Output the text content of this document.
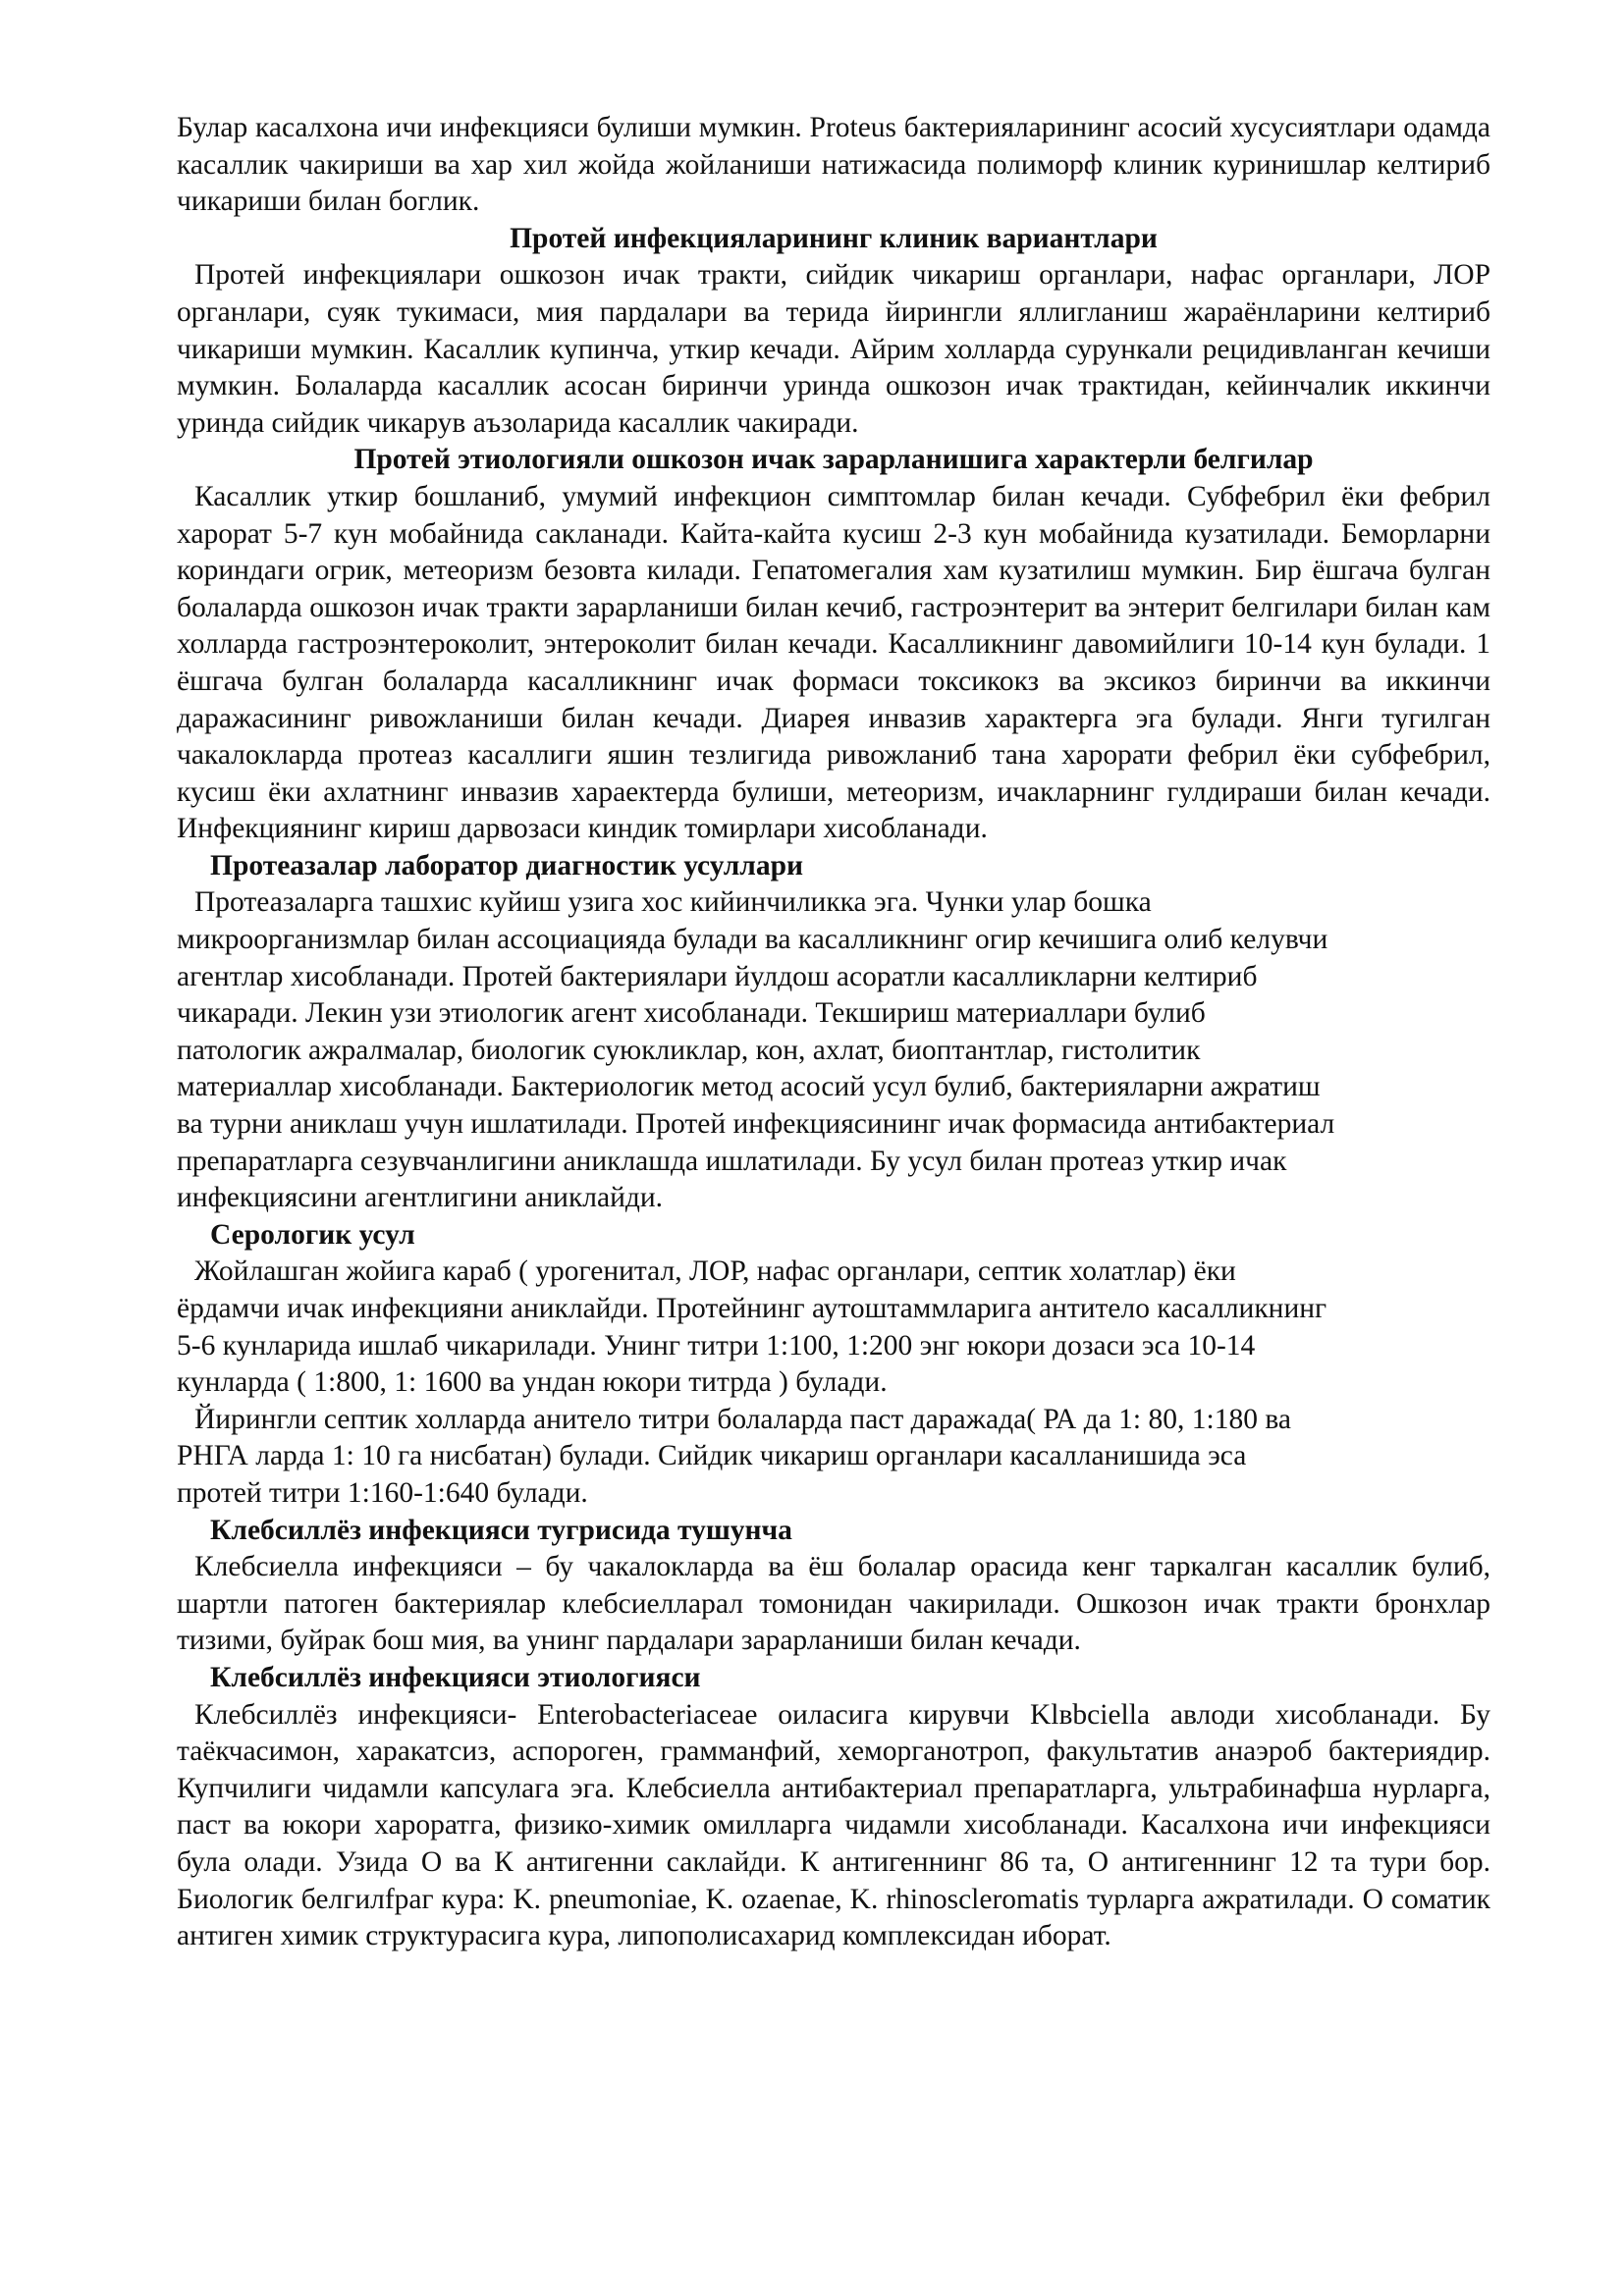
Булар касалхона ичи инфекцияси булиши мумкин. Proteus бактерияларининг асосий хусусиятлари одамда касаллик чакириши ва хар хил жойда жойланиши натижасида полиморф клиник куринишлар келтириб чикариши билан боглик.

Протей инфекцияларининг клиник вариантлари

Протей инфекциялари ошкозон ичак тракти, сийдик чикариш органлари, нафас органлари, ЛОР органлари, суяк тукимаси, мия пардалари ва терида йирингли яллигланиш жараёнларини келтириб чикариши мумкин. Касаллик купинча, уткир кечади. Айрим холларда сурункали рецидивланган кечиши мумкин. Болаларда касаллик асосан биринчи уринда ошкозон ичак трактидан, кейинчалик иккинчи уринда сийдик чикарув аъзоларида касаллик чакиради.

Протей этиологияли ошкозон ичак зарарланишига характерли белгилар

Касаллик уткир бошланиб, умумий инфекцион симптомлар билан кечади. Субфебрил ёки фебрил харорат 5-7 кун мобайнида сакланади. Кайта-кайта кусиш 2-3 кун мобайнида кузатилади. Беморларни кориндаги огрик, метеоризм безовта килади. Гепатомегалия хам кузатилиш мумкин. Бир ёшгача булган болаларда ошкозон ичак тракти зарарланиши билан кечиб, гастроэнтерит ва энтерит белгилари билан кам холларда гастроэнтероколит, энтероколит билан кечади. Касалликнинг давомийлиги 10-14 кун булади. 1 ёшгача булган болаларда касалликнинг ичак формаси токсикокз ва эксикоз биринчи ва иккинчи даражасининг ривожланиши билан кечади. Диарея инвазив характерга эга булади. Янги тугилган чакалокларда протеаз касаллиги яшин тезлигида ривожланиб тана харорати фебрил ёки субфебрил, кусиш ёки ахлатнинг инвазив хараектерда булиши, метеоризм, ичакларнинг гулдираши билан кечади. Инфекциянинг кириш дарвозаси киндик томирлари хисобланади.

Протеазалар лаборатор диагностик усуллари

Протеазаларга ташхис куйиш узига хос кийинчиликка эга. Чунки улар бошка

микроорганизмлар билан ассоциацияда булади ва касалликнинг огир кечишига олиб келувчи

агентлар хисобланади. Протей бактериялари йулдош асоратли касалликларни келтириб

чикаради. Лекин узи этиологик агент хисобланади. Текшириш материаллари булиб

патологик ажралмалар, биологик суюкликлар, кон, ахлат, биоптантлар, гистолитик

материаллар хисобланади. Бактериологик метод асосий усул булиб, бактерияларни ажратиш

ва турни аниклаш учун ишлатилади. Протей инфекциясининг ичак формасида антибактериал

препаратларга сезувчанлигини аниклашда ишлатилади. Бу усул билан протеаз уткир ичак

инфекциясини агентлигини аниклайди.

Серологик усул

Жойлашган жойига караб ( урогенитал, ЛОР, нафас органлари, септик холатлар) ёки

ёрдамчи ичак инфекцияни аниклайди. Протейнинг аутоштаммларига антитело касалликнинг

5-6 кунларида ишлаб чикарилади. Унинг титри 1:100, 1:200 энг юкори дозаси эса 10-14

кунларда ( 1:800, 1: 1600 ва ундан юкори титрда ) булади.

Йирингли септик холларда анитело титри болаларда паст даражада( РА да 1: 80, 1:180 ва

РНГА ларда 1: 10 га нисбатан) булади. Сийдик чикариш органлари касалланишида эса

протей титри 1:160-1:640 булади.

Клебсиллёз инфекцияси тугрисида тушунча

Клебсиелла инфекцияси – бу чакалокларда ва ёш болалар орасида кенг таркалган касаллик булиб, шартли патоген бактериялар клебсиелларал томонидан чакирилади. Ошкозон ичак тракти бронхлар тизими, буйрак бош мия, ва унинг пардалари зарарланиши билан кечади.

Клебсиллёз инфекцияси этиологияси

Клебсиллёз инфекцияси- Enterobacteriaceae оиласига кирувчи Klвbciella авлоди хисобланади. Бу таёкчасимон, харакатсиз, аспороген, грамманфий, хеморганотроп, факультатив анаэроб бактериядир. Купчилиги чидамли капсулага эга. Клебсиелла антибактериал препаратларга, ультрабинафша нурларга, паст ва юкори хароратга, физико-химик омилларга чидамли хисобланади. Касалхона ичи инфекцияси була олади. Узида О ва К антигенни саклайди. К антигеннинг 86 та, О антигеннинг 12 та тури бор. Биологик белгилfраг кура: K. pneumoniae, K. ozaenae, K. rhinoscleromatis турларга ажратилади. О соматик антиген химик структурасига кура, липополисахарид комплексидан иборат.
